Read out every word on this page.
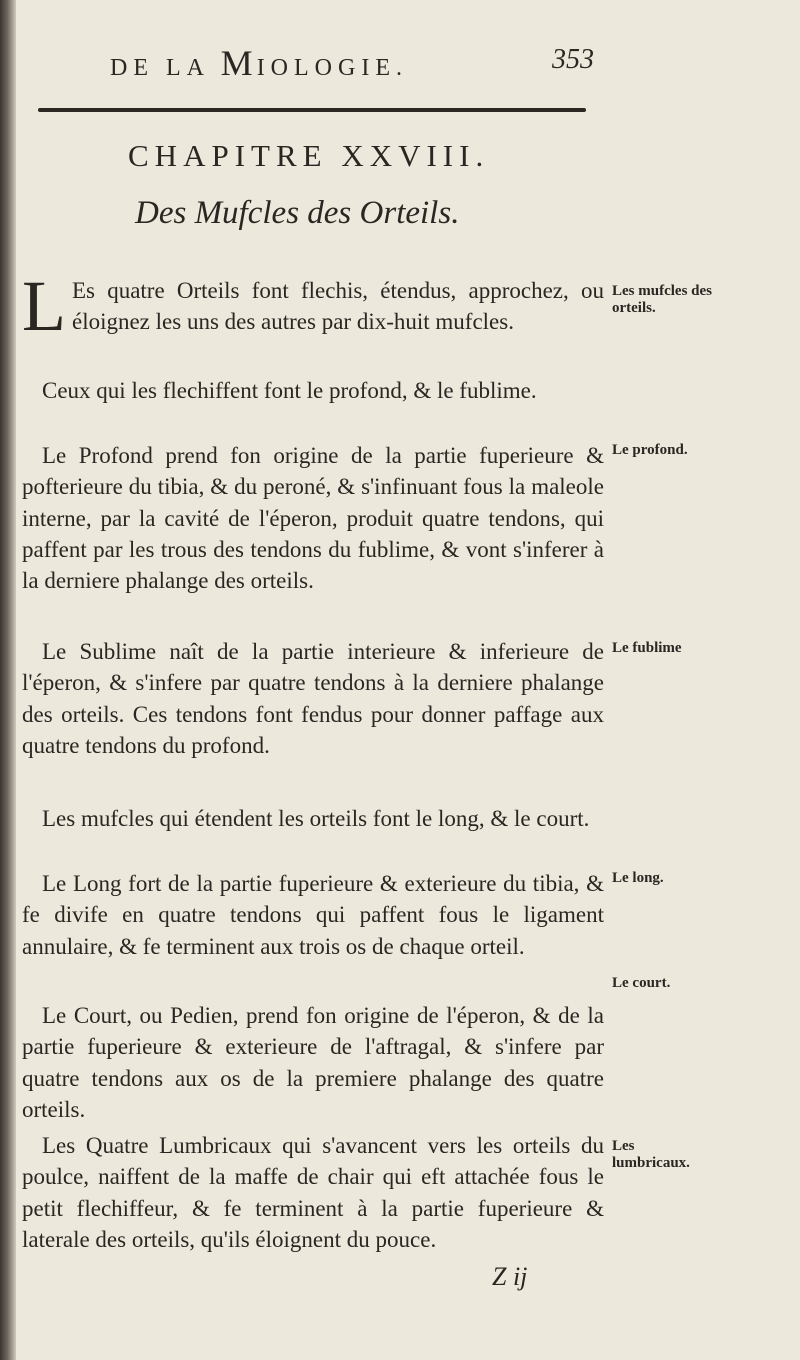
DE LA MIOLOGIE.	353
CHAPITRE XXVIII.
Des Mufcles des Orteils.

L Es quatre Orteils font flechis, étendus, approchez, ou éloignez les uns des autres par dix-huit mufcles.

Ceux qui les flechiffent font le profond, & le fublime.

Le Profond prend fon origine de la partie fuperieure & pofterieure du tibia, & du peroné, & s'infinuant fous la maleole interne, par la cavité de l'éperon, produit quatre tendons, qui paffent par les trous des tendons du fublime, & vont s'inferer à la derniere phalange des orteils.

Le Sublime naît de la partie interieure & inferieure de l'éperon, & s'infere par quatre tendons à la derniere phalange des orteils. Ces tendons font fendus pour donner paffage aux quatre tendons du profond.

Les mufcles qui étendent les orteils font le long, & le court.

Le Long fort de la partie fuperieure & exterieure du tibia, & fe divife en quatre tendons qui paffent fous le ligament annulaire, & fe terminent aux trois os de chaque orteil.

Le Court, ou Pedien, prend fon origine de l'éperon, & de la partie fuperieure & exterieure de l'aftragal, & s'infere par quatre tendons aux os de la premiere phalange des quatre orteils.

Les Quatre Lumbricaux qui s'avancent vers les orteils du poulce, naiffent de la maffe de chair qui eft attachée fous le petit flechiffeur, & fe terminent à la partie fuperieure & laterale des orteils, qu'ils éloignent du pouce.

Les mufcles des orteils.
Le profond.
Le fublime
Le long.
Le court.
Les lumbricaux.
Z ij
